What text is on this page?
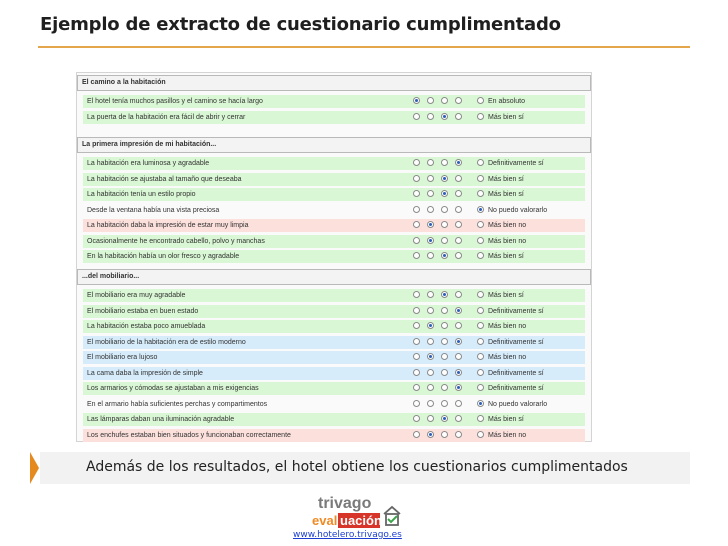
Ejemplo de extracto de cuestionario cumplimentado
El camino a la habitación
El hotel tenía muchos pasillos y el camino se hacía largo	En absoluto
La puerta de la habitación era fácil de abrir y cerrar	Más bien sí
La primera impresión de mi habitación...
La habitación era luminosa y agradable	Definitivamente sí
La habitación se ajustaba al tamaño que deseaba	Más bien sí
La habitación tenía un estilo propio	Más bien sí
Desde la ventana había una vista preciosa	No puedo valorarlo
La habitación daba la impresión de estar muy limpia	Más bien no
Ocasionalmente he encontrado cabello, polvo y manchas	Más bien no
En la habitación había un olor fresco y agradable	Más bien sí
...del mobiliario...
El mobiliario era muy agradable	Más bien sí
El mobiliario estaba en buen estado	Definitivamente sí
La habitación estaba poco amueblada	Más bien no
El mobiliario de la habitación era de estilo moderno	Definitivamente sí
El mobiliario era lujoso	Más bien no
La cama daba la impresión de simple	Definitivamente sí
Los armarios y cómodas se ajustaban a mis exigencias	Definitivamente sí
En el armario había suficientes perchas y compartimentos	No puedo valorarlo
Las lámparas daban una iluminación agradable	Más bien sí
Los enchufes estaban bien situados y funcionaban correctamente	Más bien no
Además de los resultados, el hotel obtiene los cuestionarios cumplimentados
trivago
eval uación
www.hotelero.trivago.es
